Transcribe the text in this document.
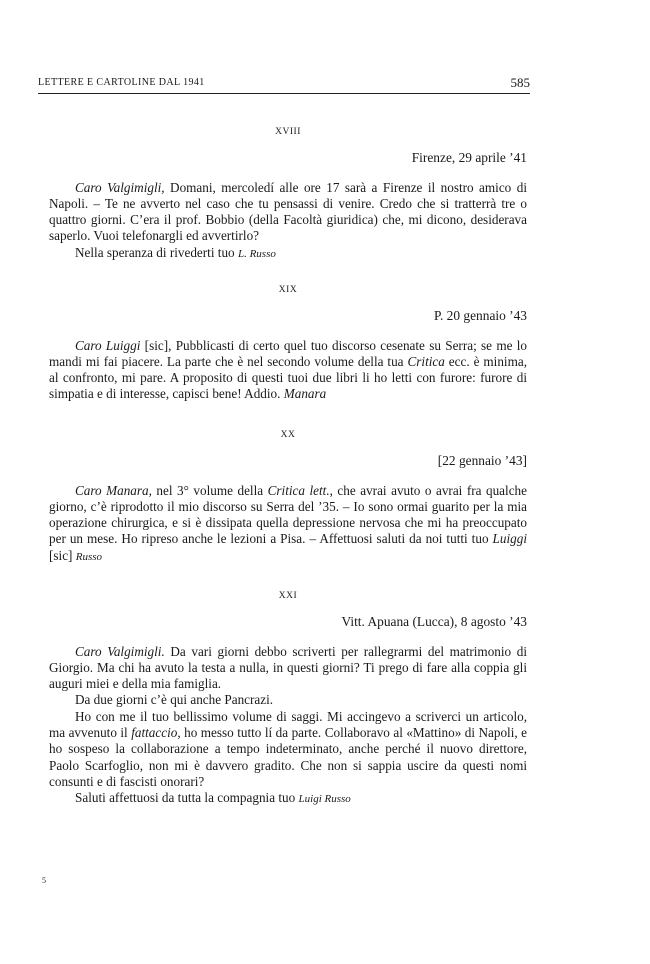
LETTERE E CARTOLINE DAL 1941	585
XVIII
Firenze, 29 aprile ’41

Caro Valgimigli, Domani, mercoledí alle ore 17 sarà a Firenze il nostro amico di Napoli. – Te ne avverto nel caso che tu pensassi di venire. Credo che si tratterrà tre o quattro giorni. C’era il prof. Bobbio (della Facoltà giuridica) che, mi dicono, desiderava saperlo. Vuoi telefonargli ed avvertirlo?

Nella speranza di rivederti tuo L. Russo

XIX
P. 20 gennaio ’43

Caro Luiggi [sic], Pubblicasti di certo quel tuo discorso cesenate su Serra; se me lo mandi mi fai piacere. La parte che è nel secondo volume della tua Critica ecc. è minima, al confronto, mi pare. A proposito di questi tuoi due libri li ho letti con furore: furore di simpatia e di interesse, capisci bene! Addio. Manara

XX
[22 gennaio ’43]

Caro Manara, nel 3° volume della Critica lett., che avrai avuto o avrai fra qualche giorno, c’è riprodotto il mio discorso su Serra del ’35. – Io sono ormai guarito per la mia operazione chirurgica, e si è dissipata quella depressione nervosa che mi ha preoccupato per un mese. Ho ripreso anche le lezioni a Pisa. – Affettuosi saluti da noi tutti tuo Luiggi [sic] Russo

XXI
Vitt. Apuana (Lucca), 8 agosto ’43

Caro Valgimigli. Da vari giorni debbo scriverti per rallegrarmi del matrimonio di Giorgio. Ma chi ha avuto la testa a nulla, in questi giorni? Ti prego di fare alla coppia gli auguri miei e della mia famiglia.

Da due giorni c’è qui anche Pancrazi.

Ho con me il tuo bellissimo volume di saggi. Mi accingevo a scriverci un articolo, ma avvenuto il fattaccio, ho messo tutto lí da parte. Collaboravo al «Mattino» di Napoli, e ho sospeso la collaborazione a tempo indeterminato, anche perché il nuovo direttore, Paolo Scarfoglio, non mi è davvero gradito. Che non si sappia uscire da questi nomi consunti e di fascisti onorari?

Saluti affettuosi da tutta la compagnia tuo Luigi Russo

5
